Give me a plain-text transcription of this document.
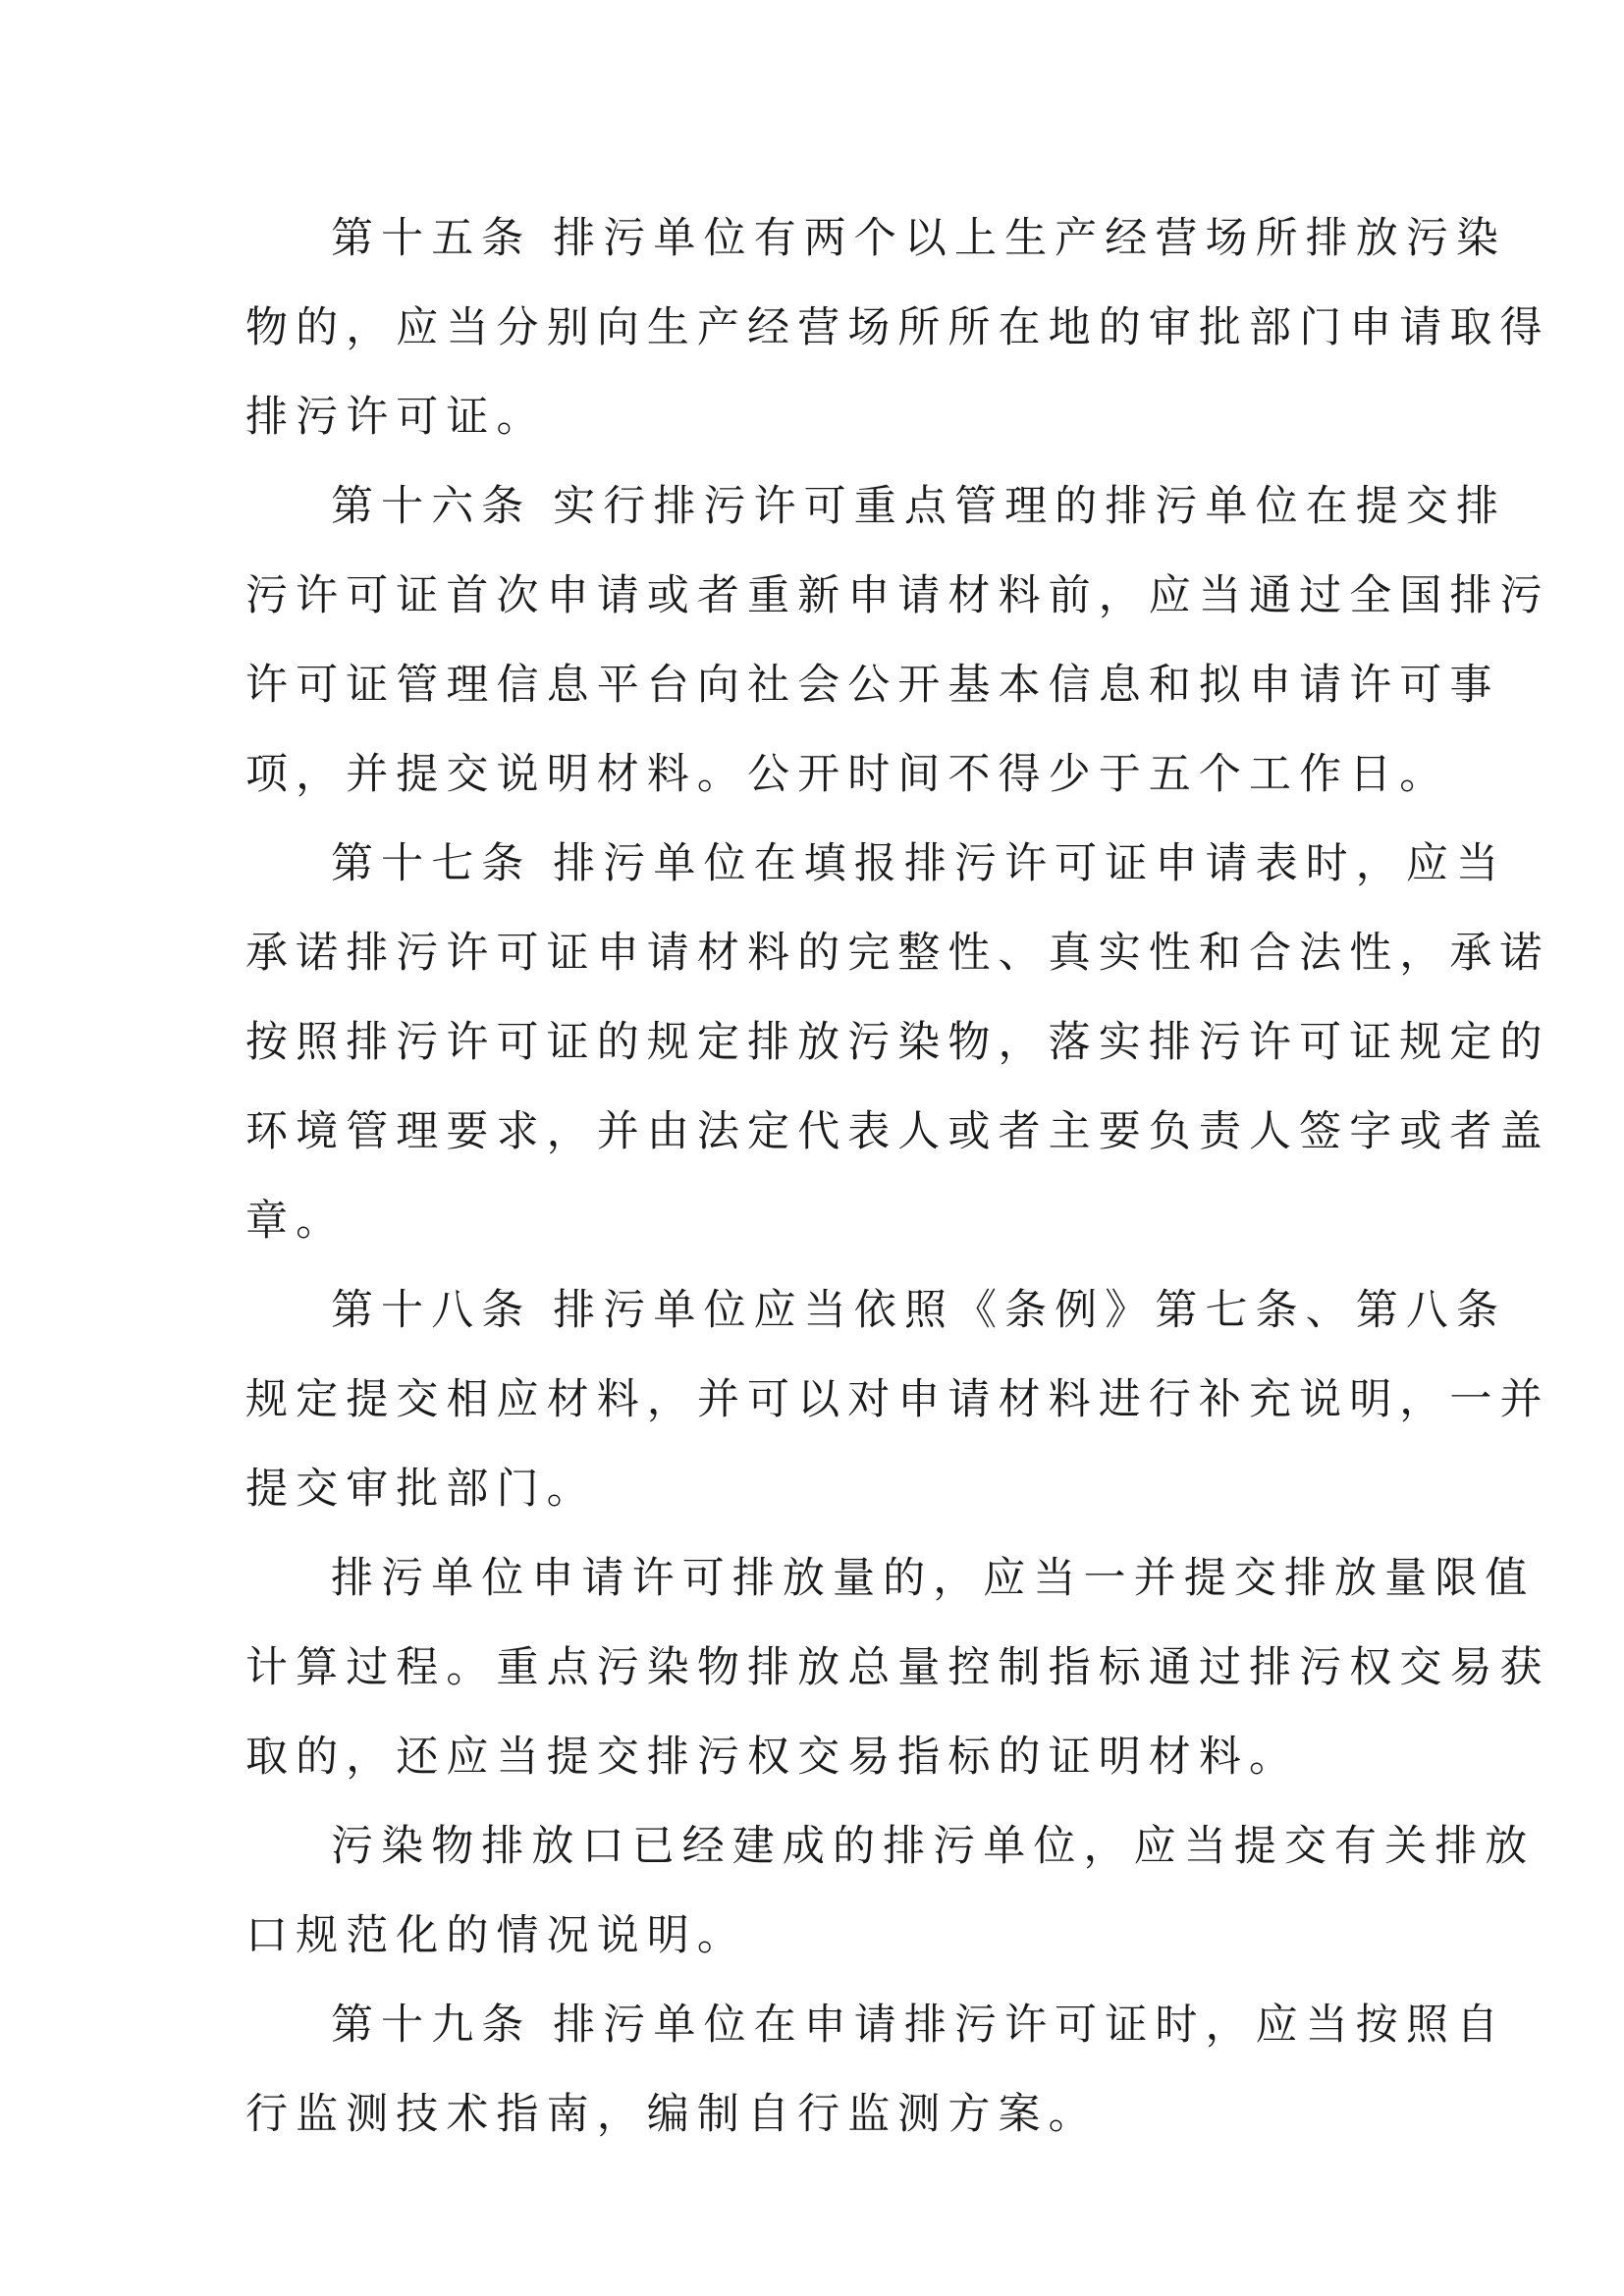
第十五条 排污单位有两个以上生产经营场所排放污染
物的，应当分别向生产经营场所所在地的审批部门申请取得
排污许可证。
第十六条 实行排污许可重点管理的排污单位在提交排
污许可证首次申请或者重新申请材料前，应当通过全国排污
许可证管理信息平台向社会公开基本信息和拟申请许可事
项，并提交说明材料。公开时间不得少于五个工作日。
第十七条 排污单位在填报排污许可证申请表时，应当
承诺排污许可证申请材料的完整性、真实性和合法性，承诺
按照排污许可证的规定排放污染物，落实排污许可证规定的
环境管理要求，并由法定代表人或者主要负责人签字或者盖
章。
第十八条 排污单位应当依照《条例》第七条、第八条
规定提交相应材料，并可以对申请材料进行补充说明，一并
提交审批部门。
排污单位申请许可排放量的，应当一并提交排放量限值
计算过程。重点污染物排放总量控制指标通过排污权交易获
取的，还应当提交排污权交易指标的证明材料。
污染物排放口已经建成的排污单位，应当提交有关排放
口规范化的情况说明。
第十九条 排污单位在申请排污许可证时，应当按照自
行监测技术指南，编制自行监测方案。
